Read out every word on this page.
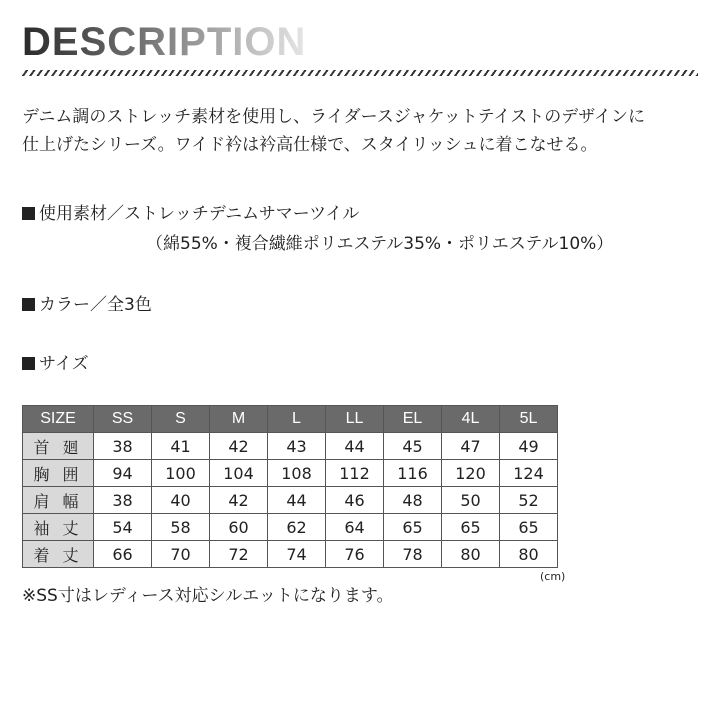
DESCRIPTION

デニム調のストレッチ素材を使用し、ライダースジャケットテイストのデザインに

仕上げたシリーズ。ワイド衿は衿高仕様で、スタイリッシュに着こなせる。

使用素材／ストレッチデニムサマーツイル
（綿55%・複合繊維ポリエステル35%・ポリエステル10%）
カラー／全3色
サイズ
SIZE	SS	S	M	L	LL	EL	4L	5L
首 廻	38	41	42	43	44	45	47	49
胸 囲	94	100	104	108	112	116	120	124
肩 幅	38	40	42	44	46	48	50	52
袖 丈	54	58	60	62	64	65	65	65
着 丈	66	70	72	74	76	78	80	80
(cm)
※SS寸はレディース対応シルエットになります。
